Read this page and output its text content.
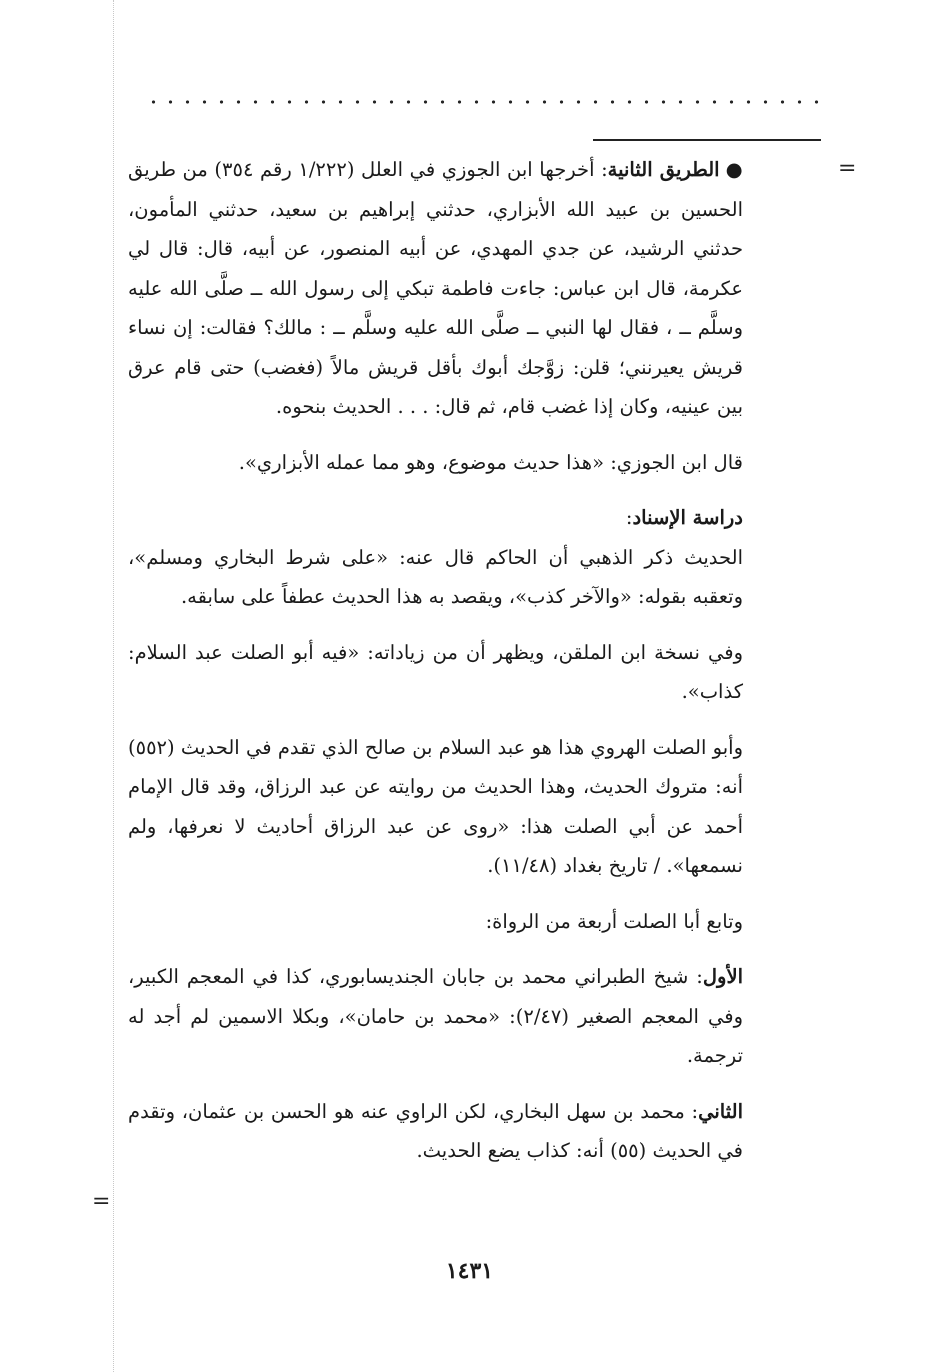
=
=

●الطريق الثانية: أخرجها ابن الجوزي في العلل (١/٢٢٢ رقم ٣٥٤) من طريق الحسين بن عبيد الله الأبزاري، حدثني إبراهيم بن سعيد، حدثني المأمون، حدثني الرشيد، عن جدي المهدي، عن أبيه المنصور، عن أبيه، قال: قال لي عكرمة، قال ابن عباس: جاءت فاطمة تبكي إلى رسول الله ــ صلَّى الله عليه وسلَّم ــ ، فقال لها النبي ــ صلَّى الله عليه وسلَّم ــ : مالك؟ فقالت: إن نساء قريش يعيرنني؛ قلن: زوَّجك أبوك بأقل قريش مالاً (فغضب) حتى قام عرق بين عينيه، وكان إذا غضب قام، ثم قال: . . . الحديث بنحوه.

قال ابن الجوزي: «هذا حديث موضوع، وهو مما عمله الأبزاري».

دراسة الإسناد:

الحديث ذكر الذهبي أن الحاكم قال عنه: «على شرط البخاري ومسلم»، وتعقبه بقوله: «والآخر كذب»، ويقصد به هذا الحديث عطفاً على سابقه.

وفي نسخة ابن الملقن، ويظهر أن من زياداته: «فيه أبو الصلت عبد السلام: كذاب».

وأبو الصلت الهروي هذا هو عبد السلام بن صالح الذي تقدم في الحديث (٥٥٢) أنه: متروك الحديث، وهذا الحديث من روايته عن عبد الرزاق، وقد قال الإمام أحمد عن أبي الصلت هذا: «روى عن عبد الرزاق أحاديث لا نعرفها، ولم نسمعها». / تاريخ بغداد (١١/٤٨).

وتابع أبا الصلت أربعة من الرواة:

الأول: شيخ الطبراني محمد بن جابان الجنديسابوري، كذا في المعجم الكبير، وفي المعجم الصغير (٢/٤٧): «محمد بن حامان»، وبكلا الاسمين لم أجد له ترجمة.

الثاني: محمد بن سهل البخاري، لكن الراوي عنه هو الحسن بن عثمان، وتقدم في الحديث (٥٥) أنه: كذاب يضع الحديث.

١٤٣١
